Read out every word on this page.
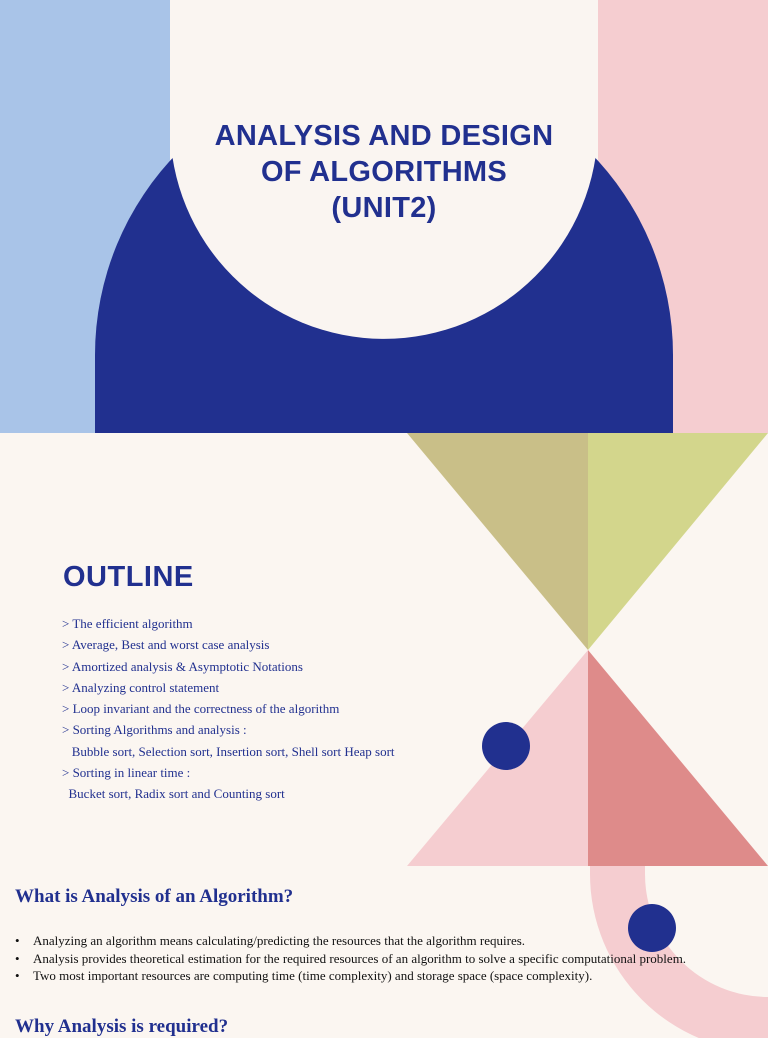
ANALYSIS AND DESIGN
OF ALGORITHMS
(UNIT2)
OUTLINE
> The efficient algorithm
> Average, Best and worst case analysis
> Amortized analysis & Asymptotic Notations
> Analyzing control statement
> Loop invariant and the correctness of the algorithm
> Sorting Algorithms and analysis :
Bubble sort, Selection sort, Insertion sort, Shell sort Heap sort
> Sorting in linear time :
Bucket sort, Radix sort and Counting sort
What is Analysis of an Algorithm?
• Analyzing an algorithm means calculating/predicting the resources that the algorithm requires.
• Analysis provides theoretical estimation for the required resources of an algorithm to solve a specific computational problem.
• Two most important resources are computing time (time complexity) and storage space (space complexity).
Why Analysis is required?
